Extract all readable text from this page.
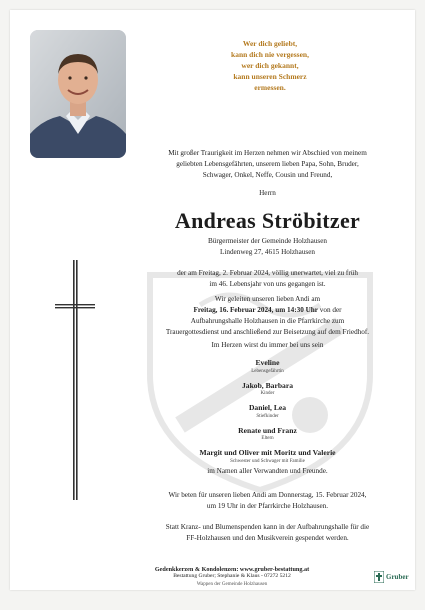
Wer dich geliebt,
kann dich nie vergessen,
wer dich gekannt,
kann unseren Schmerz
ermessen.
Mit großer Traurigkeit im Herzen nehmen wir Abschied von meinem
geliebten Lebensgefährten, unserem lieben Papa, Sohn, Bruder,
Schwager, Onkel, Neffe, Cousin und Freund,
Herrn
Andreas Ströbitzer
Bürgermeister der Gemeinde Holzhausen
Lindenweg 27, 4615 Holzhausen
der am Freitag, 2. Februar 2024, völlig unerwartet, viel zu früh
im 46. Lebensjahr von uns gegangen ist.
Wir geleiten unseren lieben Andi am
Freitag, 16. Februar 2024, um 14:30 Uhr von der
Aufbahrungshalle Holzhausen in die Pfarrkirche zum
Trauergottesdienst und anschließend zur Beisetzung auf dem Friedhof.
Im Herzen wirst du immer bei uns sein
Eveline
Lebensgefährtin
Jakob, Barbara
Kinder
Daniel, Lea
Stiefkinder
Renate und Franz
Eltern
Margit und Oliver mit Moritz und Valerie
Schwester und Schwager mit Familie
im Namen aller Verwandten und Freunde.
Wir beten für unseren lieben Andi am Donnerstag, 15. Februar 2024,
um 19 Uhr in der Pfarrkirche Holzhausen.
Statt Kranz- und Blumenspenden kann in der Aufbahrungshalle für die
FF-Holzhausen und den Musikverein gespendet werden.
Gedenkkerzen & Kondolenzen: www.gruber-bestattung.at
Bestattung Gruber; Stephanie & Klaus - 07272 5212
Wappen der Gemeinde Holzhausen
Gruber
